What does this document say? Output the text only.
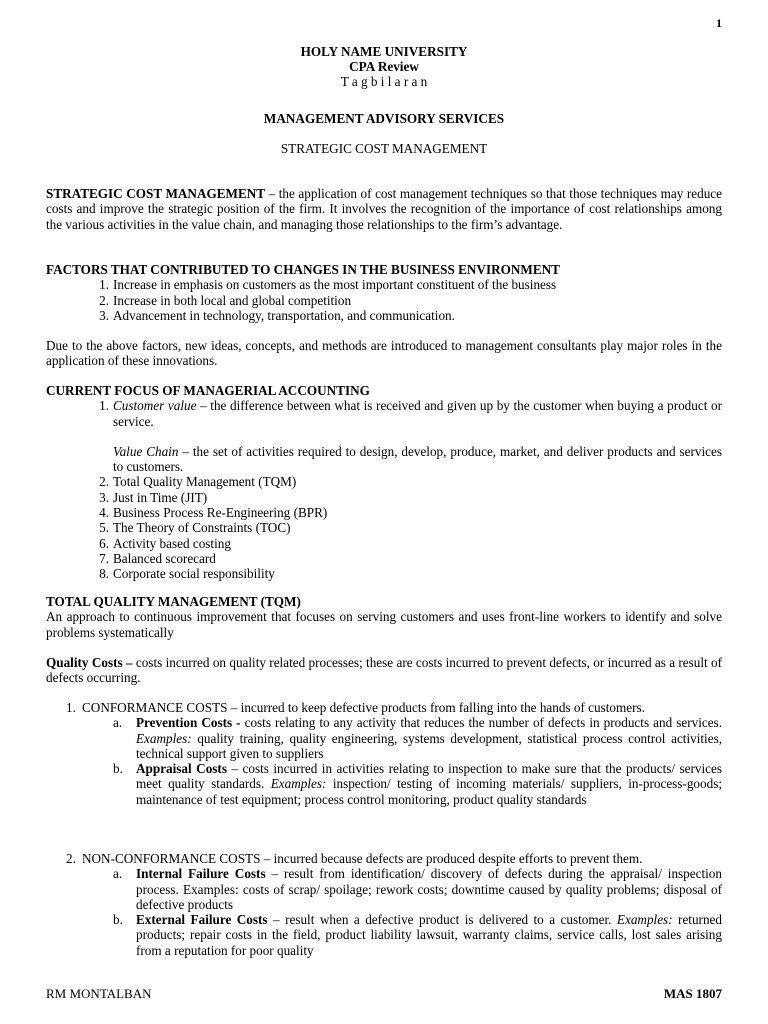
1
HOLY NAME UNIVERSITY
CPA Review
T a g b i l a r a n
MANAGEMENT ADVISORY SERVICES
STRATEGIC COST MANAGEMENT

STRATEGIC COST MANAGEMENT – the application of cost management techniques so that those techniques may reduce costs and improve the strategic position of the firm. It involves the recognition of the importance of cost relationships among the various activities in the value chain, and managing those relationships to the firm’s advantage.

FACTORS THAT CONTRIBUTED TO CHANGES IN THE BUSINESS ENVIRONMENT

1. Increase in emphasis on customers as the most important constituent of the business
2. Increase in both local and global competition
3. Advancement in technology, transportation, and communication.

Due to the above factors, new ideas, concepts, and methods are introduced to management consultants play major roles in the application of these innovations.

CURRENT FOCUS OF MANAGERIAL ACCOUNTING

1. Customer value – the difference between what is received and given up by the customer when buying a product or service.

Value Chain – the set of activities required to design, develop, produce, market, and deliver products and services to customers.

2. Total Quality Management (TQM)
3. Just in Time (JIT)
4. Business Process Re-Engineering (BPR)
5. The Theory of Constraints (TOC)
6. Activity based costing
7. Balanced scorecard
8. Corporate social responsibility

TOTAL QUALITY MANAGEMENT (TQM)

An approach to continuous improvement that focuses on serving customers and uses front-line workers to identify and solve problems systematically

Quality Costs – costs incurred on quality related processes; these are costs incurred to prevent defects, or incurred as a result of defects occurring.

1. CONFORMANCE COSTS – incurred to keep defective products from falling into the hands of customers.
a. Prevention Costs - costs relating to any activity that reduces the number of defects in products and services. Examples: quality training, quality engineering, systems development, statistical process control activities, technical support given to suppliers
b. Appraisal Costs – costs incurred in activities relating to inspection to make sure that the products/ services meet quality standards. Examples: inspection/ testing of incoming materials/ suppliers, in-process-goods; maintenance of test equipment; process control monitoring, product quality standards
2. NON-CONFORMANCE COSTS – incurred because defects are produced despite efforts to prevent them.
a. Internal Failure Costs – result from identification/ discovery of defects during the appraisal/ inspection process. Examples: costs of scrap/ spoilage; rework costs; downtime caused by quality problems; disposal of defective products
b. External Failure Costs – result when a defective product is delivered to a customer. Examples: returned products; repair costs in the field, product liability lawsuit, warranty claims, service calls, lost sales arising from a reputation for poor quality
RM MONTALBAN	MAS 1807
